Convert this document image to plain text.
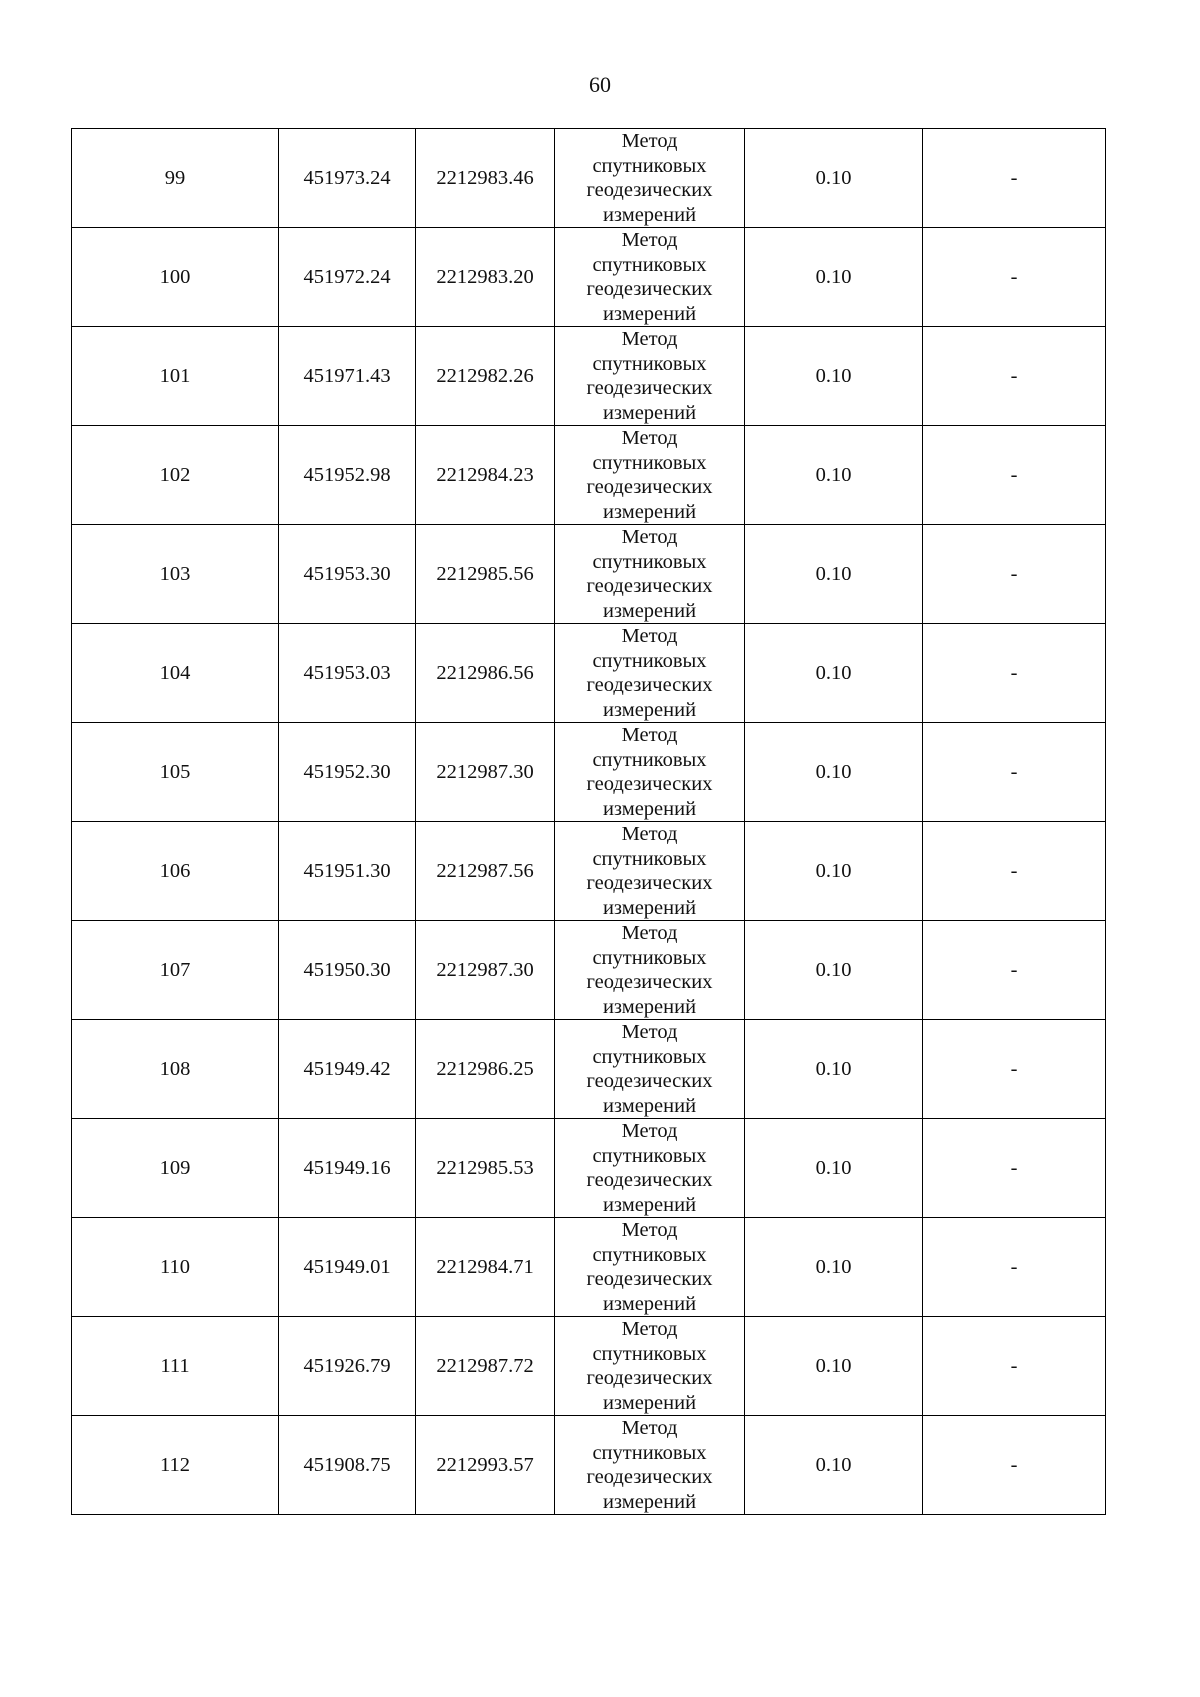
60
99	451973.24	2212983.46	Метод
спутниковых
геодезических
измерений	0.10	-
100	451972.24	2212983.20	Метод
спутниковых
геодезических
измерений	0.10	-
101	451971.43	2212982.26	Метод
спутниковых
геодезических
измерений	0.10	-
102	451952.98	2212984.23	Метод
спутниковых
геодезических
измерений	0.10	-
103	451953.30	2212985.56	Метод
спутниковых
геодезических
измерений	0.10	-
104	451953.03	2212986.56	Метод
спутниковых
геодезических
измерений	0.10	-
105	451952.30	2212987.30	Метод
спутниковых
геодезических
измерений	0.10	-
106	451951.30	2212987.56	Метод
спутниковых
геодезических
измерений	0.10	-
107	451950.30	2212987.30	Метод
спутниковых
геодезических
измерений	0.10	-
108	451949.42	2212986.25	Метод
спутниковых
геодезических
измерений	0.10	-
109	451949.16	2212985.53	Метод
спутниковых
геодезических
измерений	0.10	-
110	451949.01	2212984.71	Метод
спутниковых
геодезических
измерений	0.10	-
111	451926.79	2212987.72	Метод
спутниковых
геодезических
измерений	0.10	-
112	451908.75	2212993.57	Метод
спутниковых
геодезических
измерений	0.10	-
